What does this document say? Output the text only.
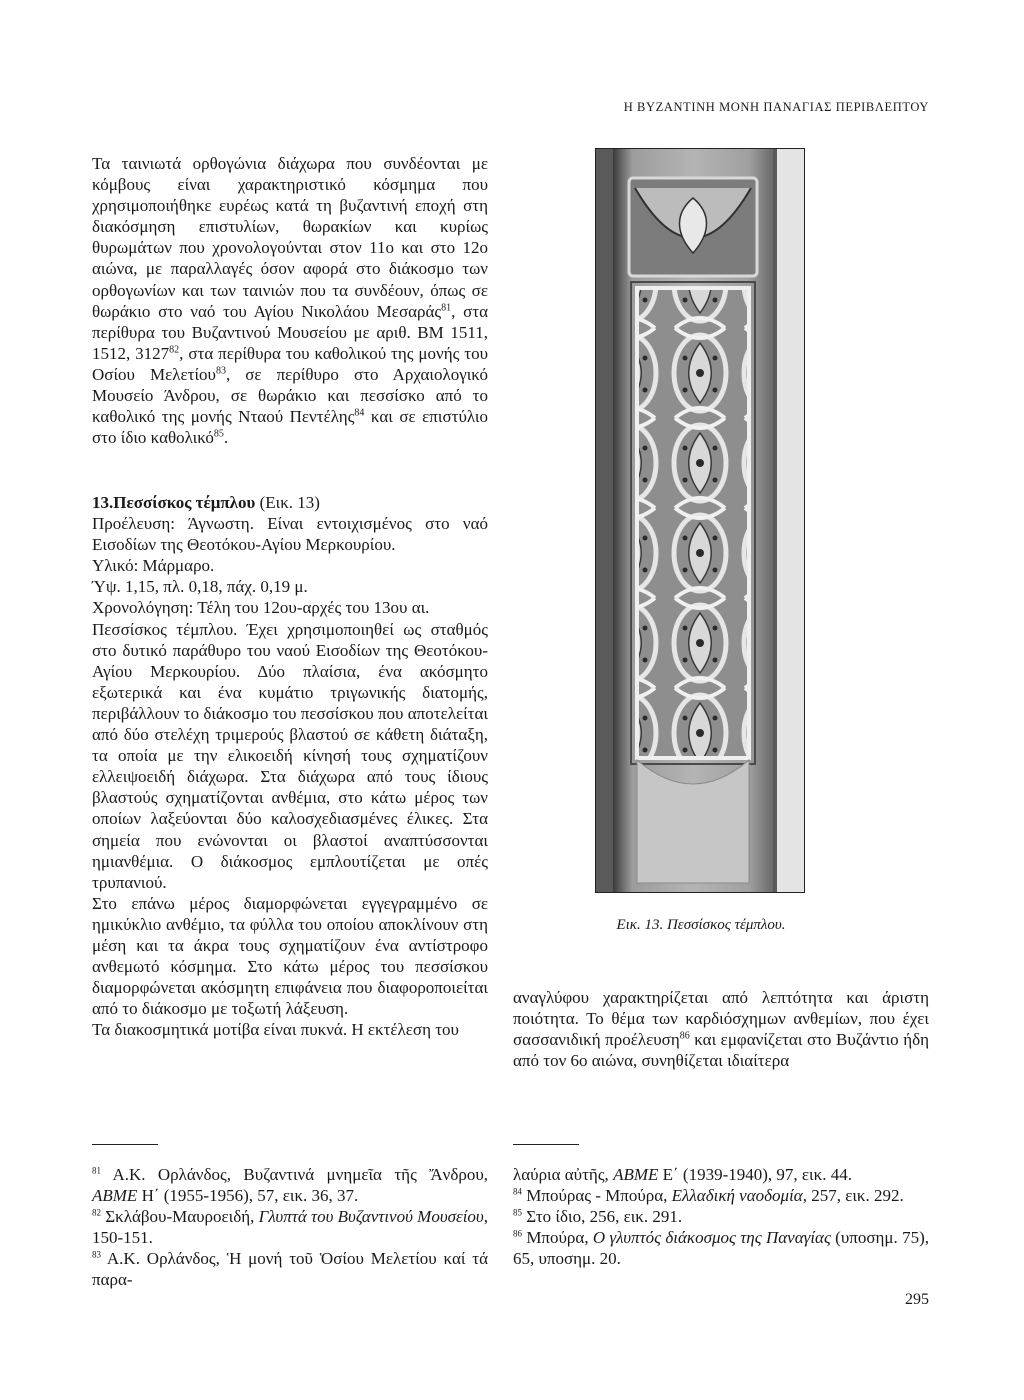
Η ΒΥΖΑΝΤΙΝΗ ΜΟΝΗ ΠΑΝΑΓΙΑΣ ΠΕΡΙΒΛΕΠΤΟΥ

Τα ταινιωτά ορθογώνια διάχωρα που συνδέονται με κόμβους είναι χαρακτηριστικό κόσμημα που χρησιμοποιήθηκε ευρέως κατά τη βυζαντινή εποχή στη διακόσμηση επιστυλίων, θωρακίων και κυρίως θυρωμάτων που χρονολογούνται στον 11ο και στο 12ο αιώνα, με παραλλαγές όσον αφορά στο διάκοσμο των ορθογωνίων και των ταινιών που τα συνδέουν, όπως σε θωράκιο στο ναό του Αγίου Νικολάου Μεσαράς$^{81}$, στα περίθυρα του Βυζαντινού Μουσείου με αριθ. ΒΜ 1511, 1512, 3127$^{82}$, στα περίθυρα του καθολικού της μονής του Οσίου Μελετίου$^{83}$, σε περίθυρο στο Αρχαιολογικό Μουσείο Άνδρου, σε θωράκιο και πεσσίσκο από το καθολικό της μονής Νταού Πεντέλης$^{84}$ και σε επιστύλιο στο ίδιο καθολικό$^{85}$.

13.Πεσσίσκος τέμπλου (Εικ. 13)

Προέλευση: Άγνωστη. Είναι εντοιχισμένος στο ναό Εισοδίων της Θεοτόκου-Αγίου Μερκουρίου.

Υλικό: Μάρμαρο.
Ύψ. 1,15, πλ. 0,18, πάχ. 0,19 μ.
Χρονολόγηση: Τέλη του 12ου-αρχές του 13ου αι.

Πεσσίσκος τέμπλου. Έχει χρησιμοποιηθεί ως σταθμός στο δυτικό παράθυρο του ναού Εισοδίων της Θεοτόκου-Αγίου Μερκουρίου. Δύο πλαίσια, ένα ακόσμητο εξωτερικά και ένα κυμάτιο τριγωνικής διατομής, περιβάλλουν το διάκοσμο του πεσσίσκου που αποτελείται από δύο στελέχη τριμερούς βλαστού σε κάθετη διάταξη, τα οποία με την ελικοειδή κίνησή τους σχηματίζουν ελλειψοειδή διάχωρα. Στα διάχωρα από τους ίδιους βλαστούς σχηματίζονται ανθέμια, στο κάτω μέρος των οποίων λαξεύονται δύο καλοσχεδιασμένες έλικες. Στα σημεία που ενώνονται οι βλαστοί αναπτύσσονται ημιανθέμια. Ο διάκοσμος εμπλουτίζεται με οπές τρυπανιού.

Στο επάνω μέρος διαμορφώνεται εγγεγραμμένο σε ημικύκλιο ανθέμιο, τα φύλλα του οποίου αποκλίνουν στη μέση και τα άκρα τους σχηματίζουν ένα αντίστροφο ανθεμωτό κόσμημα. Στο κάτω μέρος του πεσσίσκου διαμορφώνεται ακόσμητη επιφάνεια που διαφοροποιείται από το διάκοσμο με τοξωτή λάξευση.

Τα διακοσμητικά μοτίβα είναι πυκνά. Η εκτέλεση του

Εικ. 13. Πεσσίσκος τέμπλου.

αναγλύφου χαρακτηρίζεται από λεπτότητα και άριστη ποιότητα. Το θέμα των καρδιόσχημων ανθεμίων, που έχει σασσανιδική προέλευση$^{86}$ και εμφανίζεται στο Βυζάντιο ήδη από τον 6ο αιώνα, συνηθίζεται ιδιαίτερα

$^{81}$ Α.Κ. Ορλάνδος, Βυζαντινά μνημεῖα τῆς Ἄνδρου, ΑΒΜΕ Η΄ (1955-1956), 57, εικ. 36, 37.

$^{82}$ Σκλάβου-Μαυροειδή, Γλυπτά του Βυζαντινού Μουσείου, 150-151.

$^{83}$ Α.Κ. Ορλάνδος, Ἡ μονή τοῦ Ὁσίου Μελετίου καί τά παρα-

λαύρια αὐτῆς, ΑΒΜΕ Ε΄ (1939-1940), 97, εικ. 44.

$^{84}$ Μπούρας - Μπούρα, Ελλαδική ναοδομία, 257, εικ. 292.

$^{85}$ Στο ίδιο, 256, εικ. 291.

$^{86}$ Μπούρα, Ο γλυπτός διάκοσμος της Παναγίας (υποσημ. 75), 65, υποσημ. 20.

295
